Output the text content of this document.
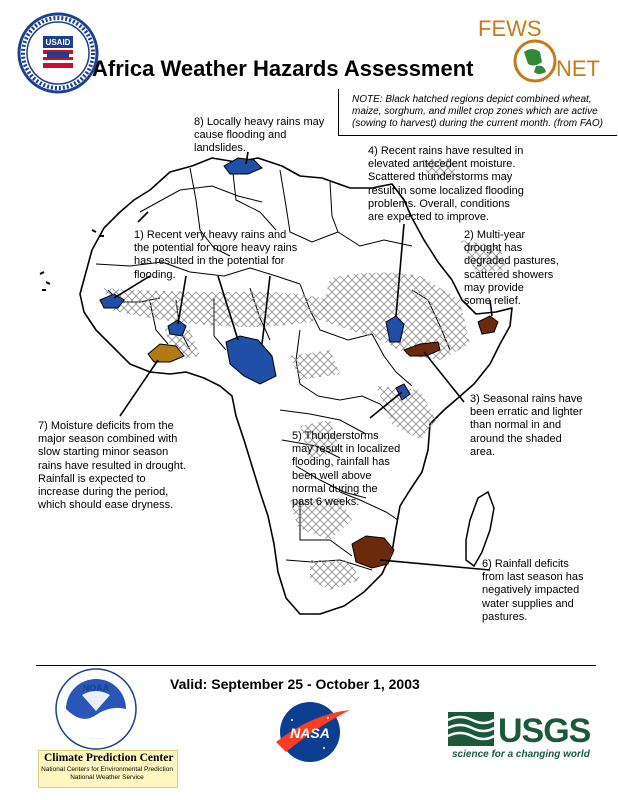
USAID
Africa Weather Hazards Assessment
FEWS
NET
NOTE: Black hatched regions depict combined wheat, maize, sorghum, and millet crop zones which are active (sowing to harvest) during the current month. (from FAO)
8) Locally heavy rains may
cause flooding and
landslides.	4) Recent rains have resulted in
elevated antecedent moisture.
Scattered thunderstorms may
result in some localized flooding
problems. Overall, conditions
are expected to improve.
1) Recent very heavy rains and
the potential for more heavy rains
has resulted in the potential for
flooding.
2) Multi-year
drought has
degraded pastures,
scattered showers
may provide
some relief.
3) Seasonal rains have
been erratic and lighter
than normal in and
around the shaded
area.
7) Moisture deficits from the
major season combined with
slow starting minor season
rains have resulted in drought.
Rainfall is expected to
increase during the period,
which should ease dryness.
5) Thunderstorms
may result in localized
flooding, rainfall has
been well above
normal during the
past 6 weeks.
6) Rainfall deficits
from last season has
negatively impacted
water supplies and
pastures.
Valid: September 25 - October 1, 2003
NOAA
NASA	USGS
science for a changing world
Climate Prediction Center
National Centers for Environmental Prediction
National Weather Service
